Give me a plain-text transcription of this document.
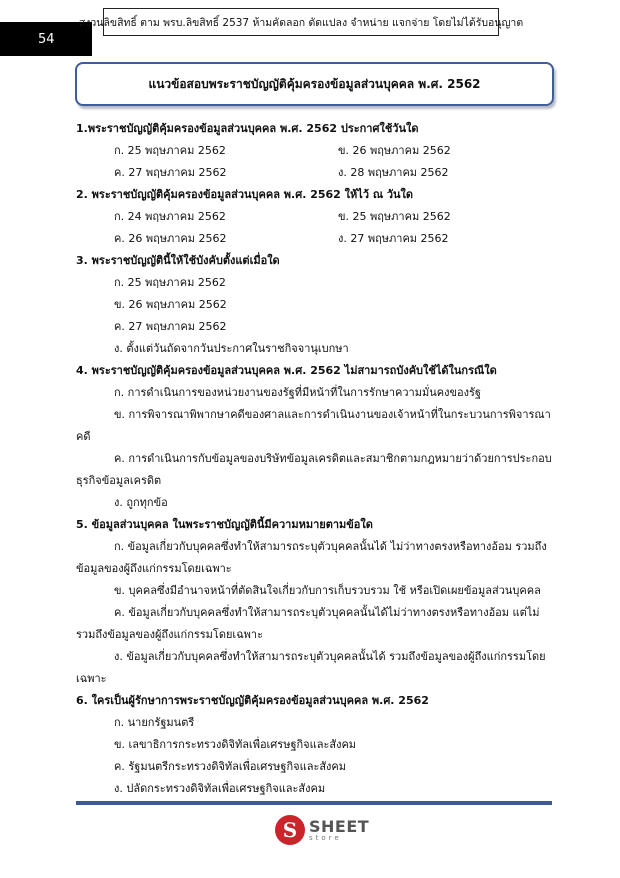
54
สงวนลิขสิทธิ์ ตาม พรบ.ลิขสิทธิ์ 2537 ห้ามคัดลอก ดัดแปลง จำหน่าย แจกจ่าย โดยไม่ได้รับอนุญาต
แนวข้อสอบพระราชบัญญัติคุ้มครองข้อมูลส่วนบุคคล พ.ศ. 2562
1.พระราชบัญญัติคุ้มครองข้อมูลส่วนบุคคล พ.ศ. 2562 ประกาศใช้วันใด
ก. 25 พฤษภาคม 2562	ข. 26 พฤษภาคม 2562
ค. 27 พฤษภาคม 2562	ง. 28 พฤษภาคม 2562
2. พระราชบัญญัติคุ้มครองข้อมูลส่วนบุคคล พ.ศ. 2562 ให้ไว้ ณ วันใด
ก. 24 พฤษภาคม 2562	ข. 25 พฤษภาคม 2562
ค. 26 พฤษภาคม 2562	ง. 27 พฤษภาคม 2562
3. พระราชบัญญัตินี้ให้ใช้บังคับตั้งแต่เมื่อใด
ก. 25 พฤษภาคม 2562
ข. 26 พฤษภาคม 2562
ค. 27 พฤษภาคม 2562
ง. ตั้งแต่วันถัดจากวันประกาศในราชกิจจานุเบกษา
4. พระราชบัญญัติคุ้มครองข้อมูลส่วนบุคคล พ.ศ. 2562 ไม่สามารถบังคับใช้ได้ในกรณีใด
ก. การดำเนินการของหน่วยงานของรัฐที่มีหน้าที่ในการรักษาความมั่นคงของรัฐ
ข. การพิจารณาพิพากษาคดีของศาลและการดำเนินงานของเจ้าหน้าที่ในกระบวนการพิจารณาคดี
ค. การดำเนินการกับข้อมูลของบริษัทข้อมูลเครดิตและสมาชิกตามกฎหมายว่าด้วยการประกอบธุรกิจข้อมูลเครดิต
ง. ถูกทุกข้อ
5. ข้อมูลส่วนบุคคล ในพระราชบัญญัตินี้มีความหมายตามข้อใด
ก. ข้อมูลเกี่ยวกับบุคคลซึ่งทำให้สามารถระบุตัวบุคคลนั้นได้ ไม่ว่าทางตรงหรือทางอ้อม รวมถึงข้อมูลของผู้ถึงแก่กรรมโดยเฉพาะ
ข. บุคคลซึ่งมีอำนาจหน้าที่ตัดสินใจเกี่ยวกับการเก็บรวบรวม ใช้ หรือเปิดเผยข้อมูลส่วนบุคคล
ค. ข้อมูลเกี่ยวกับบุคคลซึ่งทำให้สามารถระบุตัวบุคคลนั้นได้ไม่ว่าทางตรงหรือทางอ้อม แต่ไม่รวมถึงข้อมูลของผู้ถึงแก่กรรมโดยเฉพาะ
ง. ข้อมูลเกี่ยวกับบุคคลซึ่งทำให้สามารถระบุตัวบุคคลนั้นได้ รวมถึงข้อมูลของผู้ถึงแก่กรรมโดยเฉพาะ
6. ใครเป็นผู้รักษาการพระราชบัญญัติคุ้มครองข้อมูลส่วนบุคคล พ.ศ. 2562
ก. นายกรัฐมนตรี
ข. เลขาธิการกระทรวงดิจิทัลเพื่อเศรษฐกิจและสังคม
ค. รัฐมนตรีกระทรวงดิจิทัลเพื่อเศรษฐกิจและสังคม
ง. ปลัดกระทรวงดิจิทัลเพื่อเศรษฐกิจและสังคม
S SHEET
store
